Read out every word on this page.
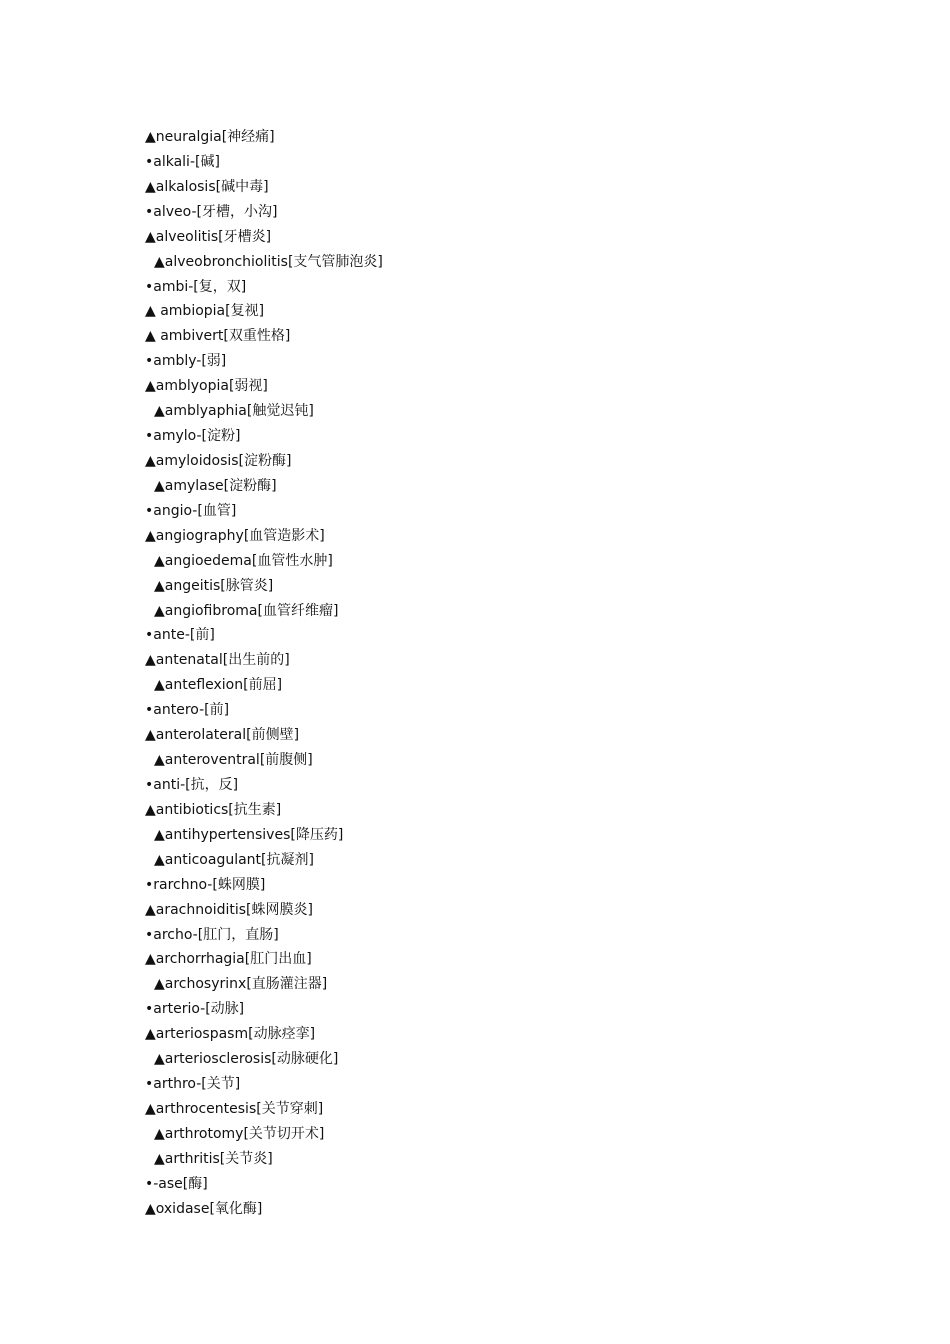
▲neuralgia[神经痛]
•alkali-[碱]
▲alkalosis[碱中毒]
•alveo-[牙槽，小沟]
▲alveolitis[牙槽炎]
▲alveobronchiolitis[支气管肺泡炎]
•ambi-[复，双]
▲ ambiopia[复视]
▲ ambivert[双重性格]
•ambly-[弱]
▲amblyopia[弱视]
▲amblyaphia[触觉迟钝]
•amylo-[淀粉]
▲amyloidosis[淀粉酶]
▲amylase[淀粉酶]
•angio-[血管]
▲angiography[血管造影术]
▲angioedema[血管性水肿]
▲angeitis[脉管炎]
▲angiofibroma[血管纤维瘤]
•ante-[前]
▲antenatal[出生前的]
▲anteflexion[前屈]
•antero-[前]
▲anterolateral[前侧壁]
▲anteroventral[前腹侧]
•anti-[抗，反]
▲antibiotics[抗生素]
▲antihypertensives[降压药]
▲anticoagulant[抗凝剂]
•rarchno-[蛛网膜]
▲arachnoiditis[蛛网膜炎]
•archo-[肛门，直肠]
▲archorrhagia[肛门出血]
▲archosyrinx[直肠灌注器]
•arterio-[动脉]
▲arteriospasm[动脉痉挛]
▲arteriosclerosis[动脉硬化]
•arthro-[关节]
▲arthrocentesis[关节穿刺]
▲arthrotomy[关节切开术]
▲arthritis[关节炎]
•-ase[酶]
▲oxidase[氧化酶]
